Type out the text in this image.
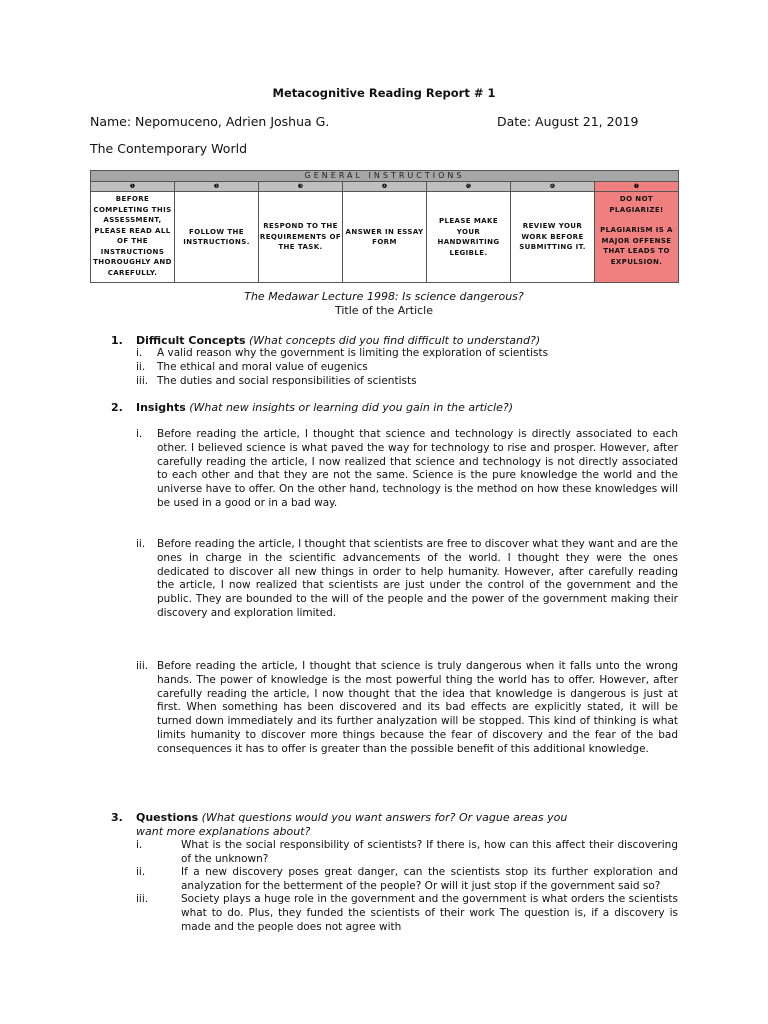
Metacognitive Reading Report # 1
Name: Nepomuceno, Adrien Joshua G.	Date: August 21, 2019
The Contemporary World
GENERAL INSTRUCTIONS						
❶	❷	❸	❹	❺	❻	❼
BEFORE COMPLETING THIS ASSESSMENT, PLEASE READ ALL OF THE INSTRUCTIONS THOROUGHLY AND CAREFULLY.	FOLLOW THE INSTRUCTIONS.	RESPOND TO THE REQUIREMENTS OF THE TASK.	ANSWER IN ESSAY FORM	PLEASE MAKE YOUR HANDWRITING LEGIBLE.	REVIEW YOUR WORK BEFORE SUBMITTING IT.	DO NOT PLAGIARIZE!
PLAGIARISM IS A MAJOR OFFENSE THAT LEADS TO EXPULSION.
The Medawar Lecture 1998: Is science dangerous?
Title of the Article
1. Difficult Concepts (What concepts did you find difficult to understand?)
i. A valid reason why the government is limiting the exploration of scientists
ii. The ethical and moral value of eugenics
iii. The duties and social responsibilities of scientists
2. Insights (What new insights or learning did you gain in the article?)
i. Before reading the article, I thought that science and technology is directly associated to each other. I believed science is what paved the way for technology to rise and prosper. However, after carefully reading the article, I now realized that science and technology is not directly associated to each other and that they are not the same. Science is the pure knowledge the world and the universe have to offer. On the other hand, technology is the method on how these knowledges will be used in a good or in a bad way.
ii. Before reading the article, I thought that scientists are free to discover what they want and are the ones in charge in the scientific advancements of the world. I thought they were the ones dedicated to discover all new things in order to help humanity. However, after carefully reading the article, I now realized that scientists are just under the control of the government and the public. They are bounded to the will of the people and the power of the government making their discovery and exploration limited.
iii. Before reading the article, I thought that science is truly dangerous when it falls unto the wrong hands. The power of knowledge is the most powerful thing the world has to offer. However, after carefully reading the article, I now thought that the idea that knowledge is dangerous is just at first. When something has been discovered and its bad effects are explicitly stated, it will be turned down immediately and its further analyzation will be stopped. This kind of thinking is what limits humanity to discover more things because the fear of discovery and the fear of the bad consequences it has to offer is greater than the possible benefit of this additional knowledge.
3. Questions (What questions would you want answers for? Or vague areas you
want more explanations about?
i.	What is the social responsibility of scientists? If there is, how can this affect their discovering of the unknown?
ii.	If a new discovery poses great danger, can the scientists stop its further exploration and analyzation for the betterment of the people? Or will it just stop if the government said so?
iii.	Society plays a huge role in the government and the government is what orders the scientists what to do. Plus, they funded the scientists of their work The question is, if a discovery is made and the people does not agree with
